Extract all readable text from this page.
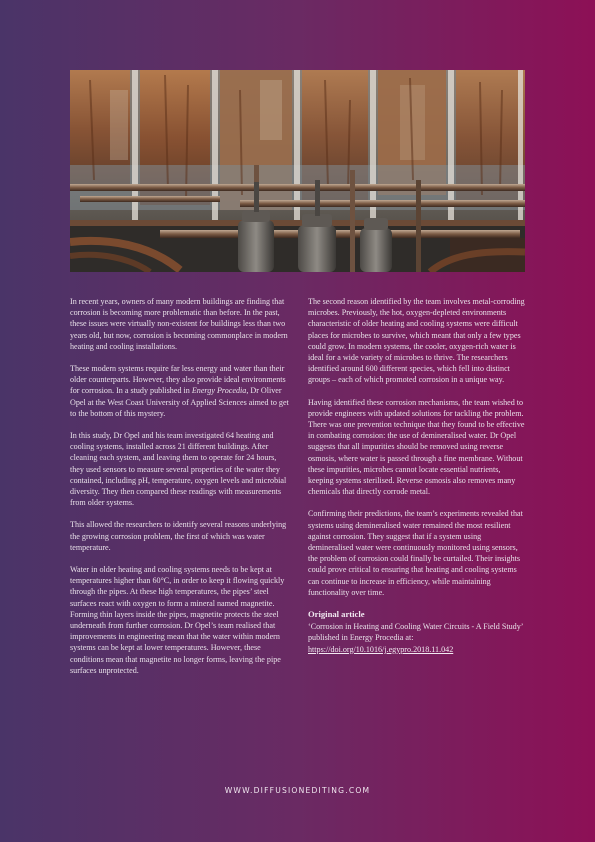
In recent years, owners of many modern buildings are finding that corrosion is becoming more problematic than before. In the past, these issues were virtually non-existent for buildings less than two years old, but now, corrosion is becoming commonplace in modern heating and cooling installations.

These modern systems require far less energy and water than their older counterparts. However, they also provide ideal environments for corrosion. In a study published in Energy Procedia, Dr Oliver Opel at the West Coast University of Applied Sciences aimed to get to the bottom of this mystery.

In this study, Dr Opel and his team investigated 64 heating and cooling systems, installed across 21 different buildings. After cleaning each system, and leaving them to operate for 24 hours, they used sensors to measure several properties of the water they contained, including pH, temperature, oxygen levels and microbial diversity. They then compared these readings with measurements from older systems.

This allowed the researchers to identify several reasons underlying the growing corrosion problem, the first of which was water temperature.

Water in older heating and cooling systems needs to be kept at temperatures higher than 60°C, in order to keep it flowing quickly through the pipes. At these high temperatures, the pipes’ steel surfaces react with oxygen to form a mineral named magnetite. Forming thin layers inside the pipes, magnetite protects the steel underneath from further corrosion. Dr Opel’s team realised that improvements in engineering mean that the water within modern systems can be kept at lower temperatures. However, these conditions mean that magnetite no longer forms, leaving the pipe surfaces unprotected.

The second reason identified by the team involves metal-corroding microbes. Previously, the hot, oxygen-depleted environments characteristic of older heating and cooling systems were difficult places for microbes to survive, which meant that only a few types could grow. In modern systems, the cooler, oxygen-rich water is ideal for a wide variety of microbes to thrive. The researchers identified around 600 different species, which fell into distinct groups – each of which promoted corrosion in a unique way.

Having identified these corrosion mechanisms, the team wished to provide engineers with updated solutions for tackling the problem. There was one prevention technique that they found to be effective in combating corrosion: the use of demineralised water. Dr Opel suggests that all impurities should be removed using reverse osmosis, where water is passed through a fine membrane. Without these impurities, microbes cannot locate essential nutrients, keeping systems sterilised. Reverse osmosis also removes many chemicals that directly corrode metal.

Confirming their predictions, the team’s experiments revealed that systems using demineralised water remained the most resilient against corrosion. They suggest that if a system using demineralised water were continuously monitored using sensors, the problem of corrosion could finally be curtailed. Their insights could prove critical to ensuring that heating and cooling systems can continue to increase in efficiency, while maintaining functionality over time.

Original article

‘Corrosion in Heating and Cooling Water Circuits - A Field Study’ published in Energy Procedia at:
https://doi.org/10.1016/j.egypro.2018.11.042

WWW.DIFFUSIONEDITING.COM
